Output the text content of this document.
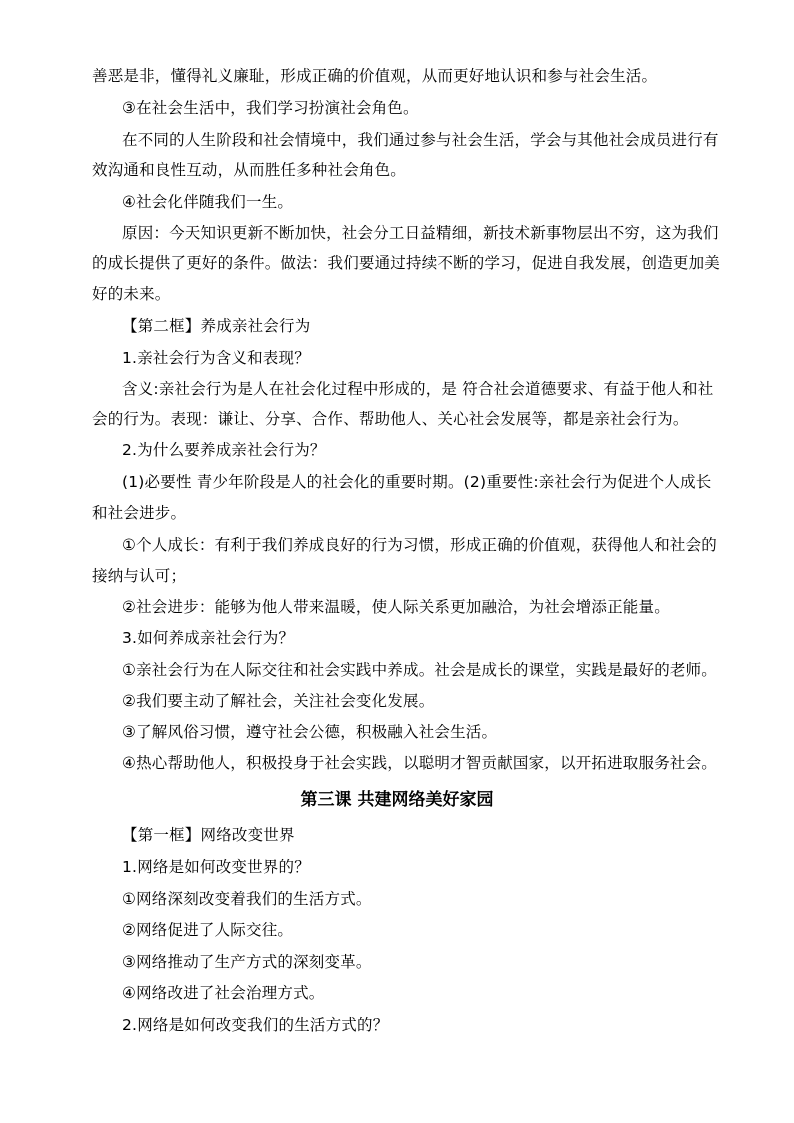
善恶是非，懂得礼义廉耻，形成正确的价值观，从而更好地认识和参与社会生活。
③在社会生活中，我们学习扮演社会角色。
在不同的人生阶段和社会情境中，我们通过参与社会生活，学会与其他社会成员进行有
效沟通和良性互动，从而胜任多种社会角色。
④社会化伴随我们一生。
原因：今天知识更新不断加快，社会分工日益精细，新技术新事物层出不穷，这为我们
的成长提供了更好的条件。做法：我们要通过持续不断的学习，促进自我发展，创造更加美
好的未来。
【第二框】养成亲社会行为
1.亲社会行为含义和表现？
含义:亲社会行为是人在社会化过程中形成的，是 符合社会道德要求、有益于他人和社
会的行为。表现：谦让、分享、合作、帮助他人、关心社会发展等，都是亲社会行为。
2.为什么要养成亲社会行为？
(1)必要性 青少年阶段是人的社会化的重要时期。(2)重要性:亲社会行为促进个人成长
和社会进步。
①个人成长：有利于我们养成良好的行为习惯，形成正确的价值观，获得他人和社会的
接纳与认可；
②社会进步：能够为他人带来温暖，使人际关系更加融洽，为社会增添正能量。
3.如何养成亲社会行为？
①亲社会行为在人际交往和社会实践中养成。社会是成长的课堂，实践是最好的老师。
②我们要主动了解社会，关注社会变化发展。
③了解风俗习惯，遵守社会公德，积极融入社会生活。
④热心帮助他人，积极投身于社会实践，以聪明才智贡献国家，以开拓进取服务社会。
第三课 共建网络美好家园
【第一框】网络改变世界
1.网络是如何改变世界的？
①网络深刻改变着我们的生活方式。
②网络促进了人际交往。
③网络推动了生产方式的深刻变革。
④网络改进了社会治理方式。
2.网络是如何改变我们的生活方式的？
